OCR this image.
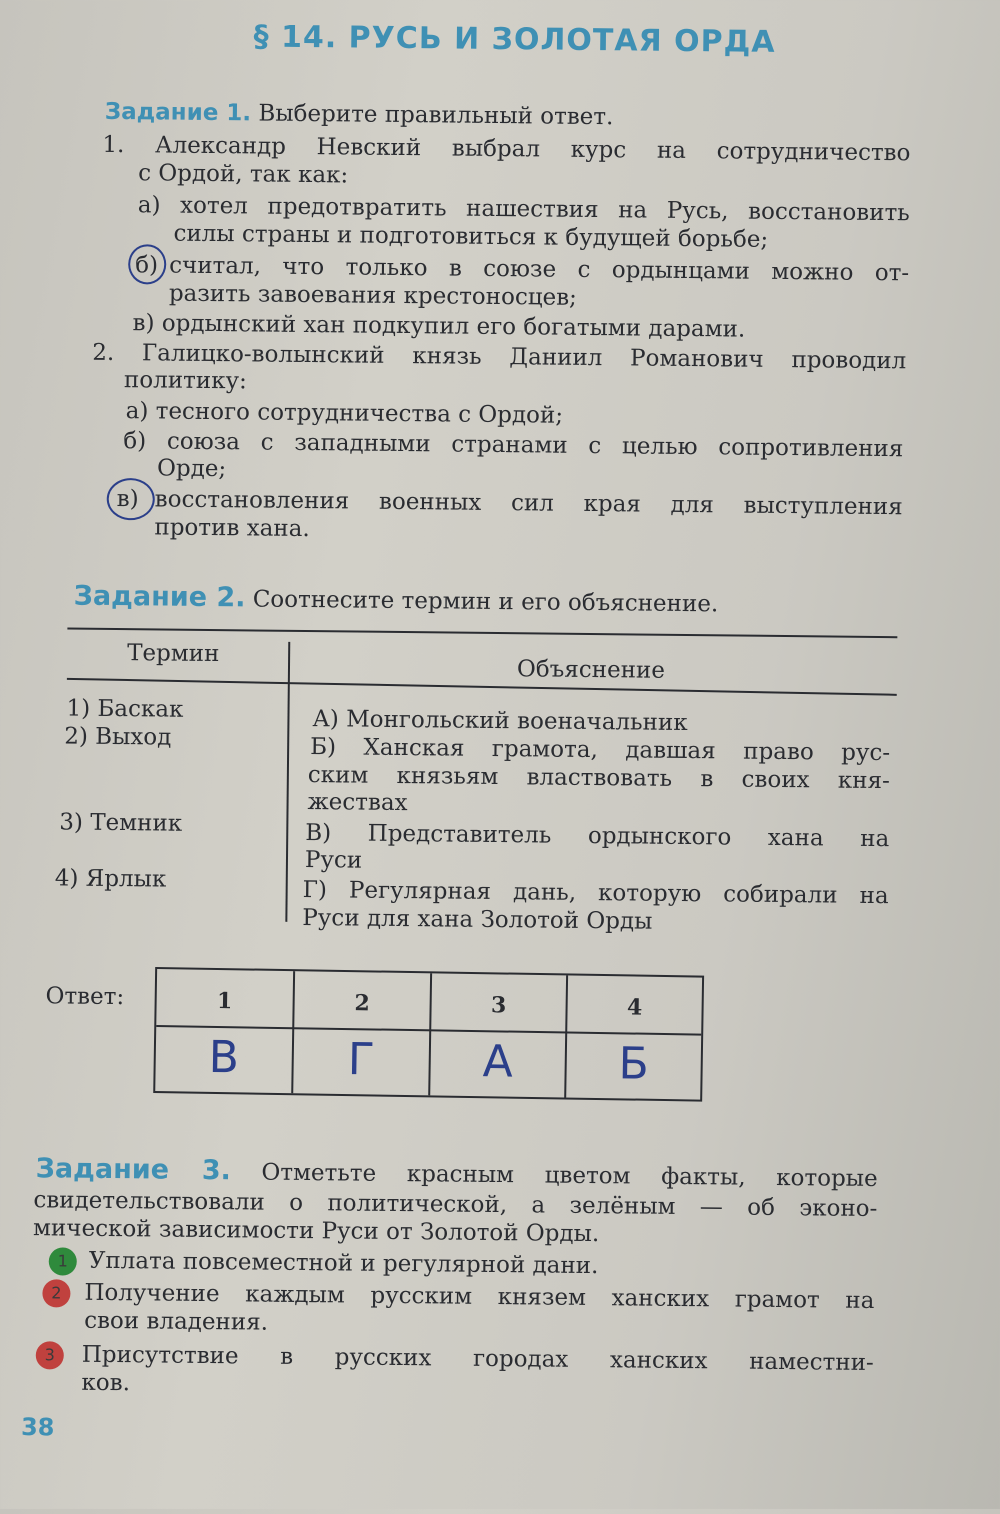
§ 14. РУСЬ И ЗОЛОТАЯ ОРДА
Задание 1. Выберите правильный ответ.
1. Александр Невский выбрал курс на сотрудничество
с Ордой, так как:
а) хотел предотвратить нашествия на Русь, восстановить
силы страны и подготовиться к будущей борьбе;
б) считал, что только в союзе с ордынцами можно от-
разить завоевания крестоносцев;
в) ордынский хан подкупил его богатыми дарами.
2. Галицко-волынский князь Даниил Романович проводил
политику:
а) тесного сотрудничества с Ордой;
б) союза с западными странами с целью сопротивления
Орде;
в) восстановления военных сил края для выступления
против хана.
Задание 2. Соотнесите термин и его объяснение.
Термин
Объяснение
1) Баскак
2) Выход
3) Темник
4) Ярлык
А) Монгольский военачальник
Б) Ханская грамота, давшая право рус-
ским князьям властвовать в своих кня-
жествах
В) Представитель ордынского хана на
Руси
Г) Регулярная дань, которую собирали на
Руси для хана Золотой Орды
Ответ:	1
В
2
Г
3
А
4
Б
Задание 3. Отметьте красным цветом факты, которые
свидетельствовали о политической, а зелёным — об эконо-
мической зависимости Руси от Золотой Орды.
1 Уплата повсеместной и регулярной дани.
2 Получение каждым русским князем ханских грамот на
свои владения.
3	Присутствие в русских городах ханских наместни-
ков.
38
